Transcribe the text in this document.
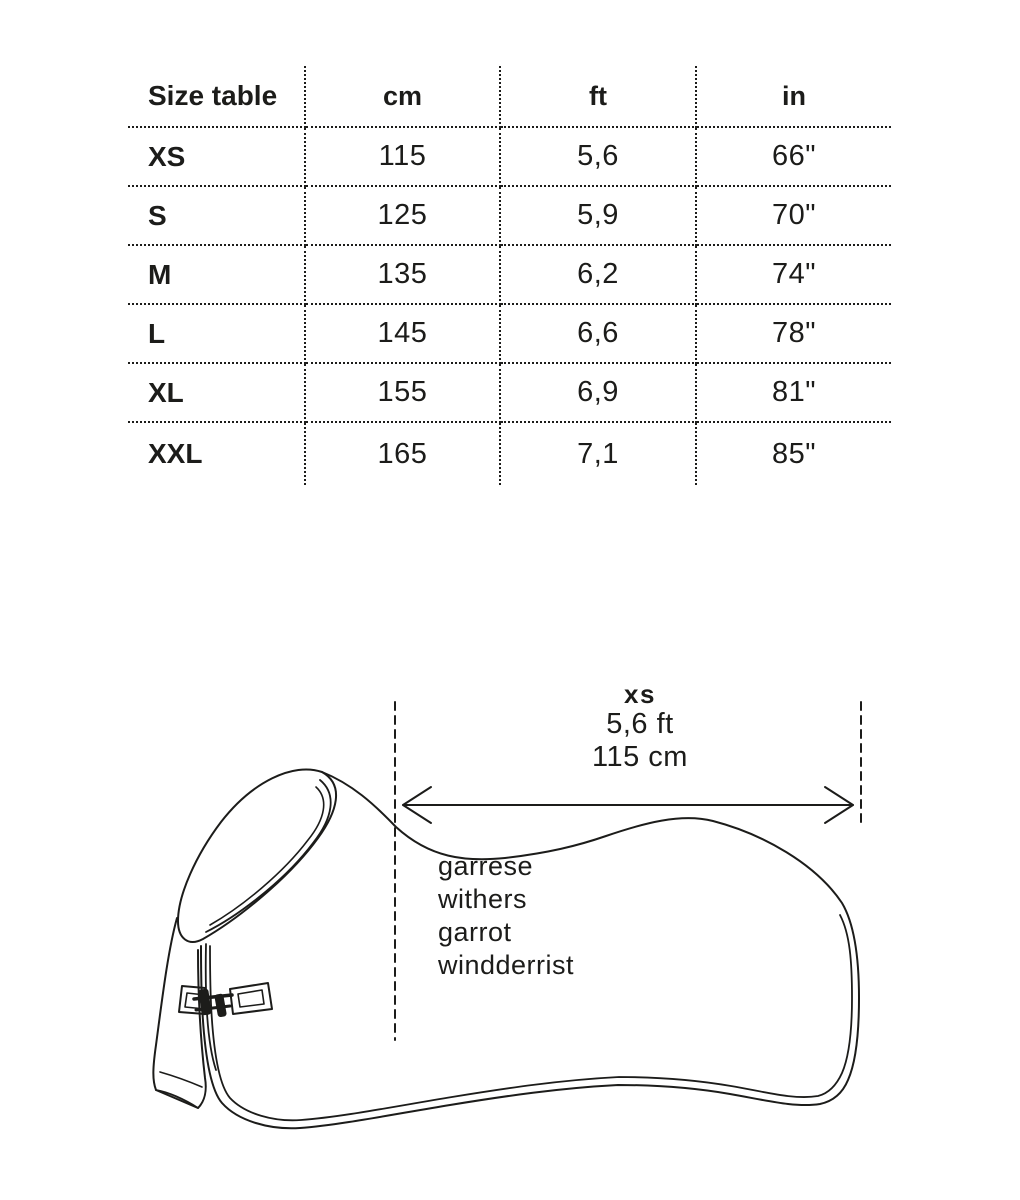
Size table	cm	ft	in
XS	115	5,6	66"
S	125	5,9	70"
M	135	6,2	74"
L	145	6,6	78"
XL	155	6,9	81"
XXL	165	7,1	85"
xs
5,6 ft
115 cm
garrese
withers
garrot
windderrist
